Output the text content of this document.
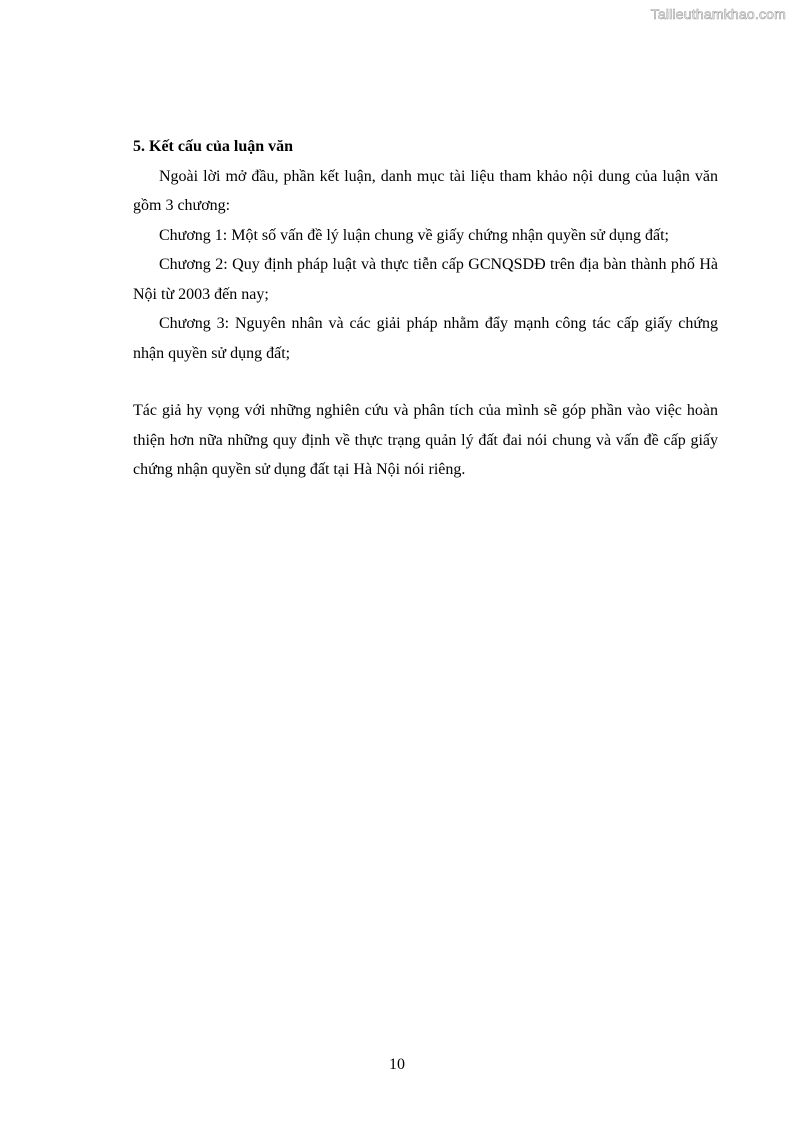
Tailieuthamkhao.com

5. Kết cấu của luận văn

Ngoài lời mở đầu, phần kết luận, danh mục tài liệu tham khảo nội dung của luận văn gồm 3 chương:

Chương 1: Một số vấn đề lý luận chung về giấy chứng nhận quyền sử dụng đất;

Chương 2: Quy định pháp luật và thực tiễn cấp GCNQSDĐ trên địa bàn thành phố Hà Nội từ 2003 đến nay;

Chương 3: Nguyên nhân và các giải pháp nhằm đẩy mạnh công tác cấp giấy chứng nhận quyền sử dụng đất;

Tác giả hy vọng với những nghiên cứu và phân tích của mình sẽ góp phần vào việc hoàn thiện hơn nữa những quy định về thực trạng quản lý đất đai nói chung và vấn đề cấp giấy chứng nhận quyền sử dụng đất tại Hà Nội nói riêng.

10
